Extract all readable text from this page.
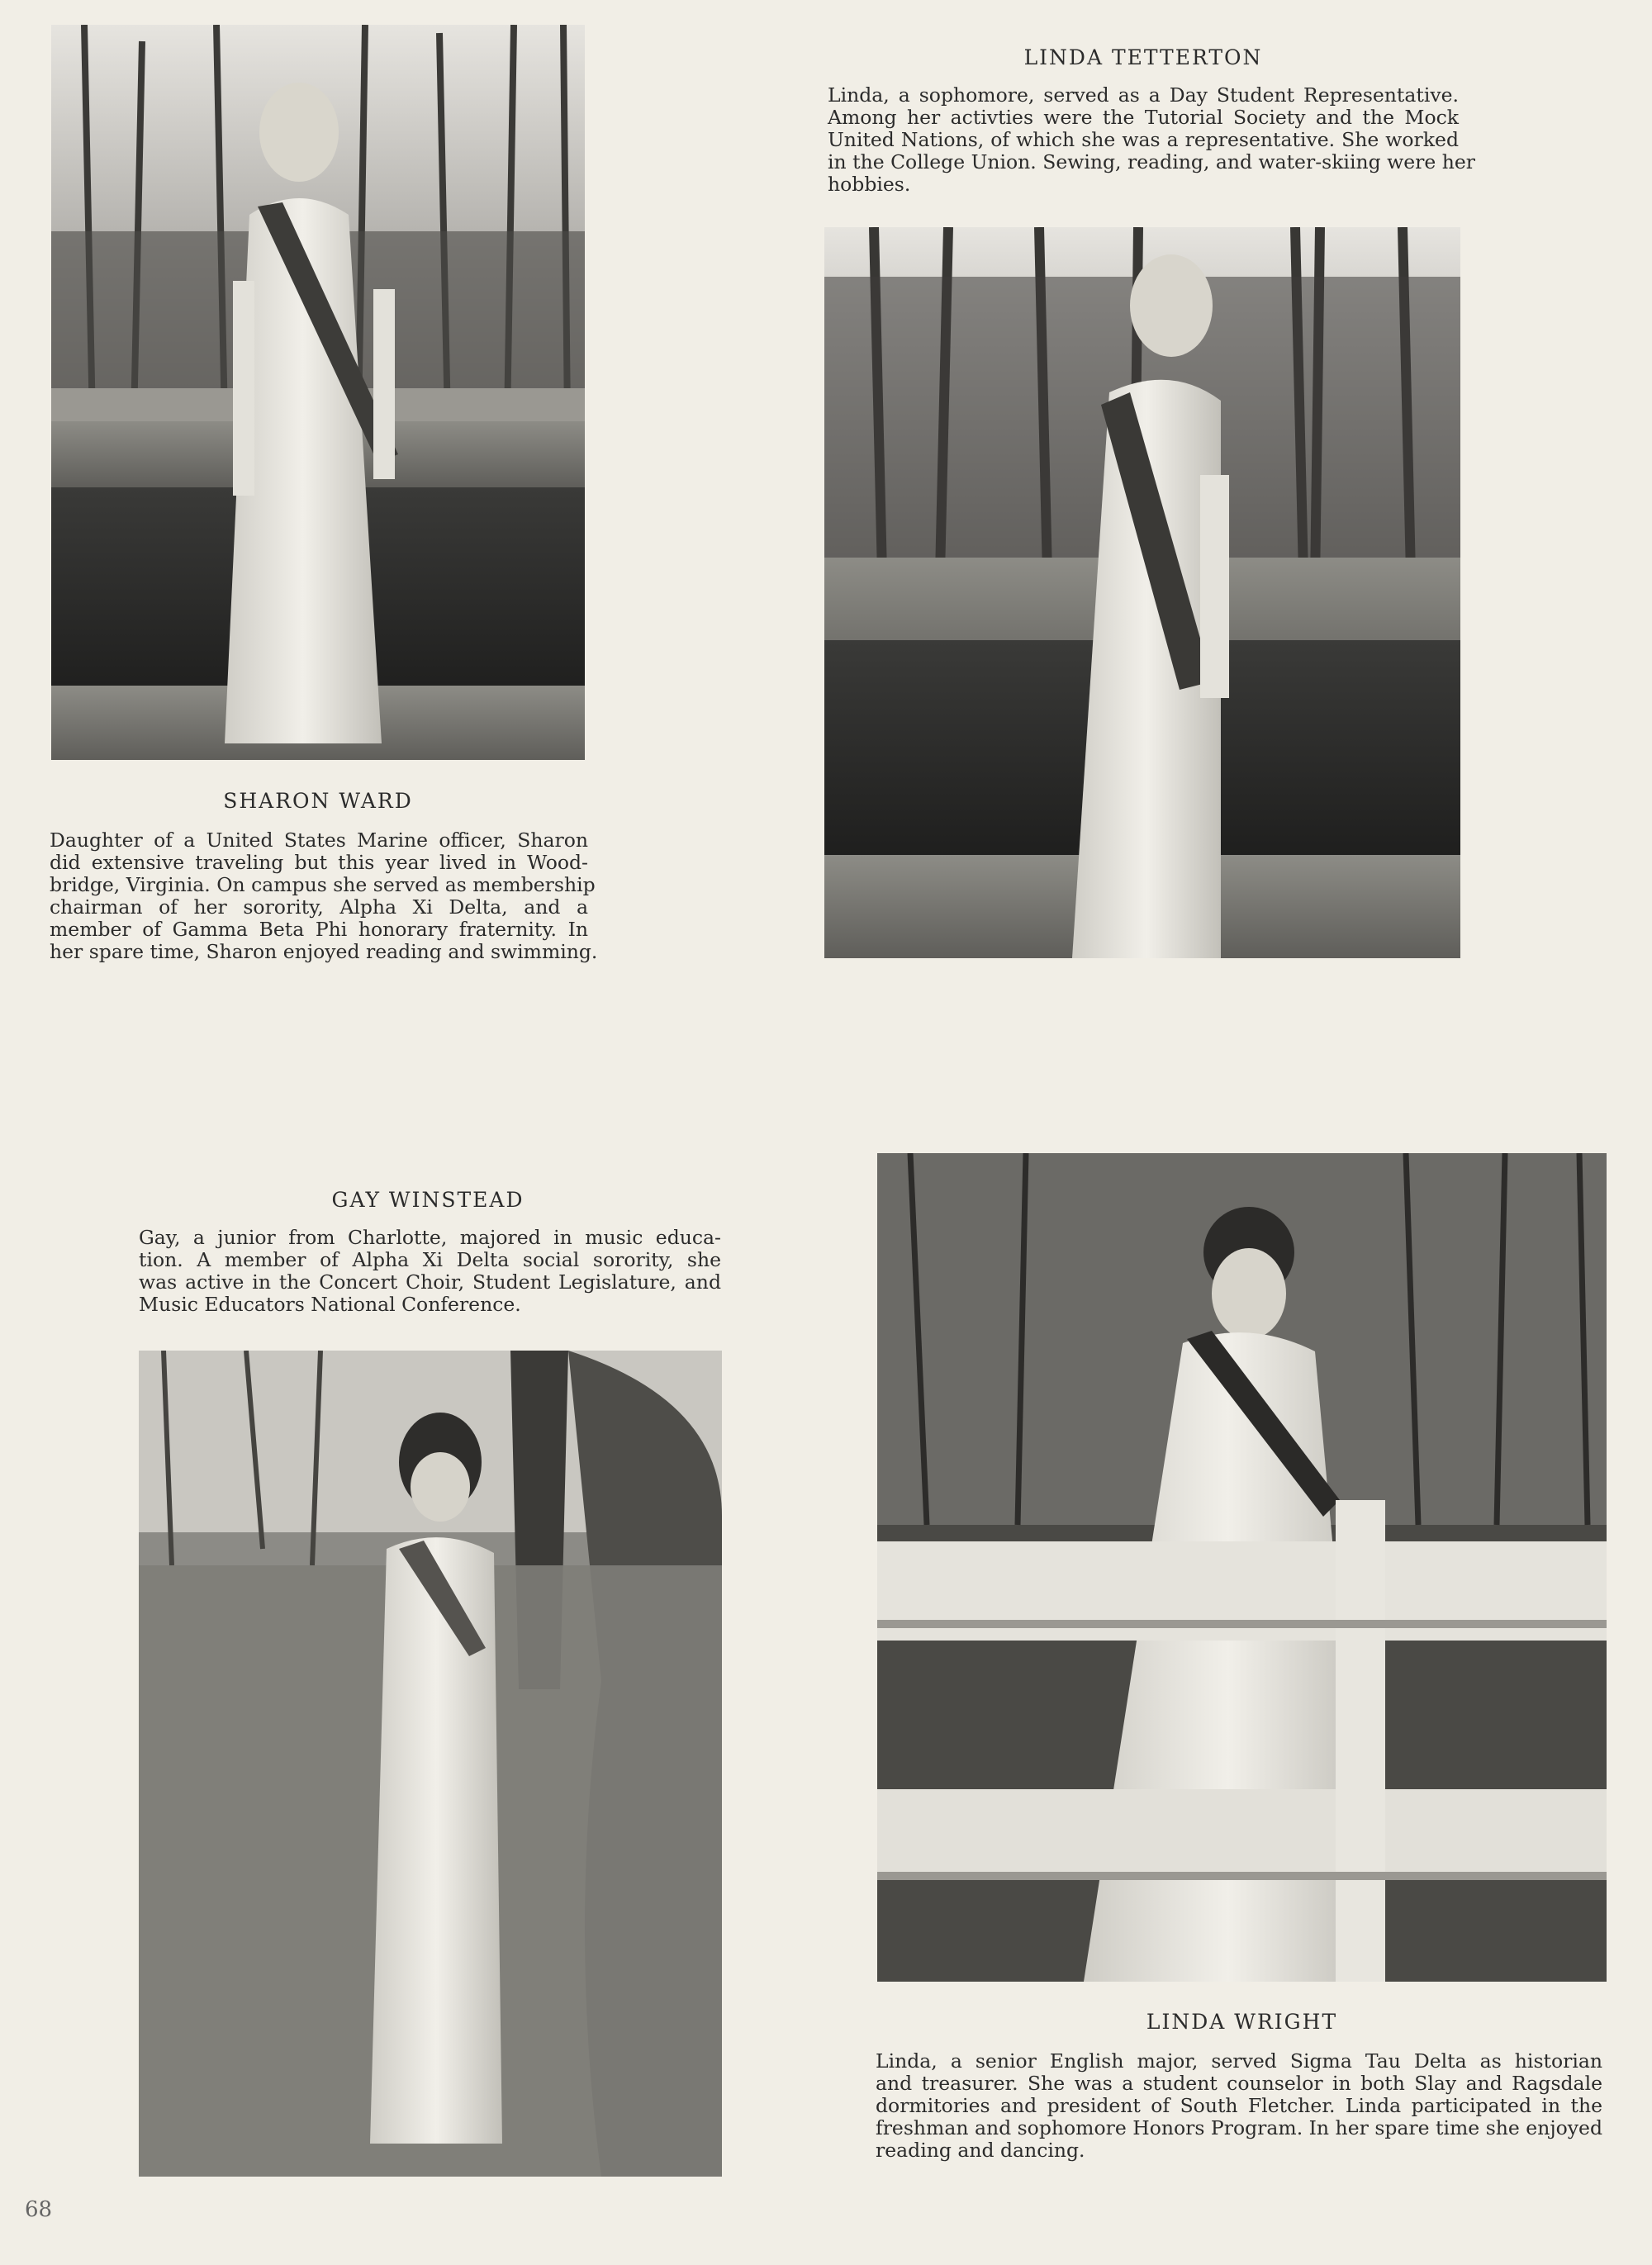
SHARON WARD

Daughter of a United States Marine officer, Sharon
did extensive traveling but this year lived in Wood-
bridge, Virginia. On campus she served as membership
chairman of her sorority, Alpha Xi Delta, and a
member of Gamma Beta Phi honorary fraternity. In
her spare time, Sharon enjoyed reading and swimming.

LINDA TETTERTON

Linda, a sophomore, served as a Day Student Representative.
Among her activties were the Tutorial Society and the Mock
United Nations, of which she was a representative. She worked
in the College Union. Sewing, reading, and water-skiing were her
hobbies.

GAY WINSTEAD

Gay, a junior from Charlotte, majored in music educa-
tion. A member of Alpha Xi Delta social sorority, she
was active in the Concert Choir, Student Legislature, and
Music Educators National Conference.

LINDA WRIGHT

Linda, a senior English major, served Sigma Tau Delta as historian
and treasurer. She was a student counselor in both Slay and Ragsdale
dormitories and president of South Fletcher. Linda participated in the
freshman and sophomore Honors Program. In her spare time she enjoyed
reading and dancing.

68
